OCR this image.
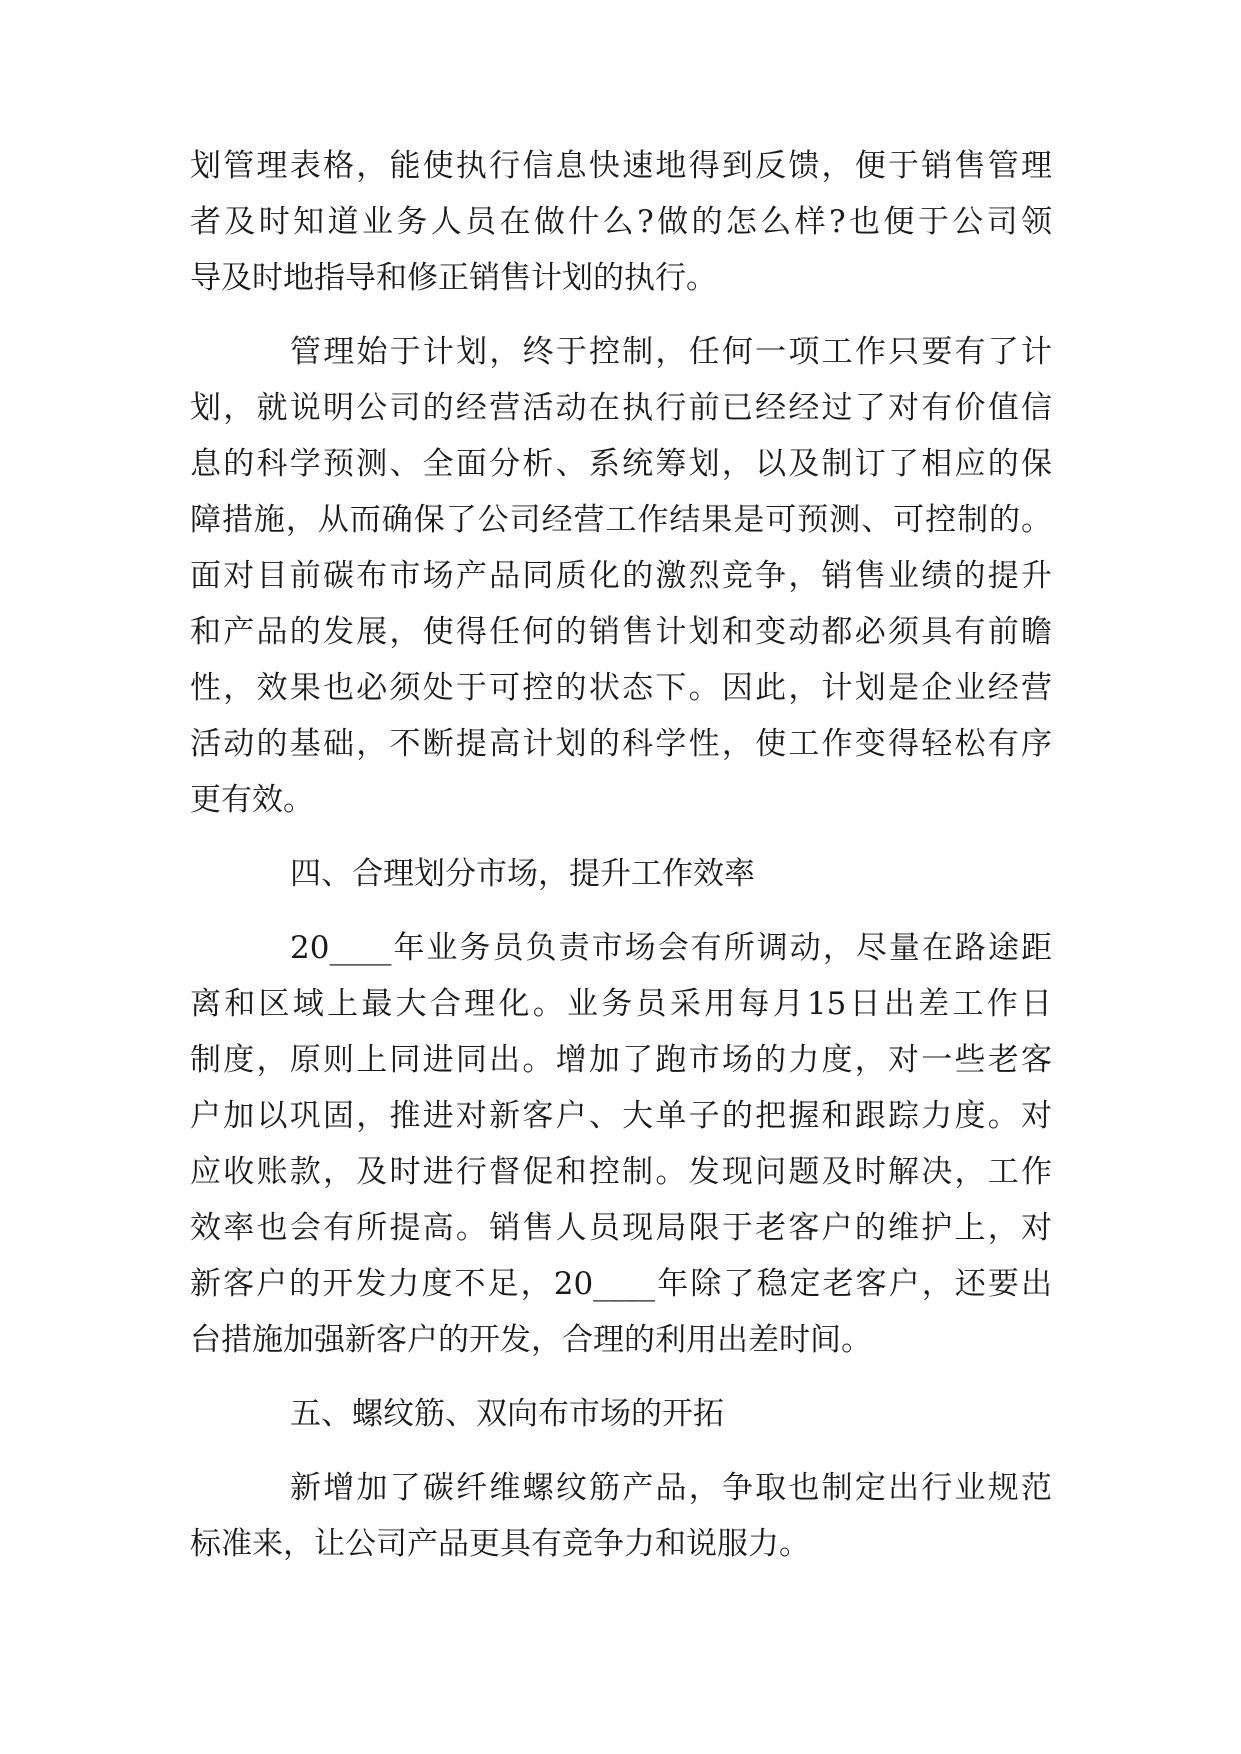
划管理表格，能使执行信息快速地得到反馈，便于销售管理
者及时知道业务人员在做什么?做的怎么样?也便于公司领
导及时地指导和修正销售计划的执行。
管理始于计划，终于控制，任何一项工作只要有了计
划，就说明公司的经营活动在执行前已经经过了对有价值信
息的科学预测、全面分析、系统筹划，以及制订了相应的保
障措施，从而确保了公司经营工作结果是可预测、可控制的。
面对目前碳布市场产品同质化的激烈竞争，销售业绩的提升
和产品的发展，使得任何的销售计划和变动都必须具有前瞻
性，效果也必须处于可控的状态下。因此，计划是企业经营
活动的基础，不断提高计划的科学性，使工作变得轻松有序
更有效。
四、合理划分市场，提升工作效率
20____年业务员负责市场会有所调动，尽量在路途距
离和区域上最大合理化。业务员采用每月15日出差工作日
制度，原则上同进同出。增加了跑市场的力度，对一些老客
户加以巩固，推进对新客户、大单子的把握和跟踪力度。对
应收账款，及时进行督促和控制。发现问题及时解决，工作
效率也会有所提高。销售人员现局限于老客户的维护上，对
新客户的开发力度不足，20____年除了稳定老客户，还要出
台措施加强新客户的开发，合理的利用出差时间。
五、螺纹筋、双向布市场的开拓
新增加了碳纤维螺纹筋产品，争取也制定出行业规范
标准来，让公司产品更具有竞争力和说服力。
